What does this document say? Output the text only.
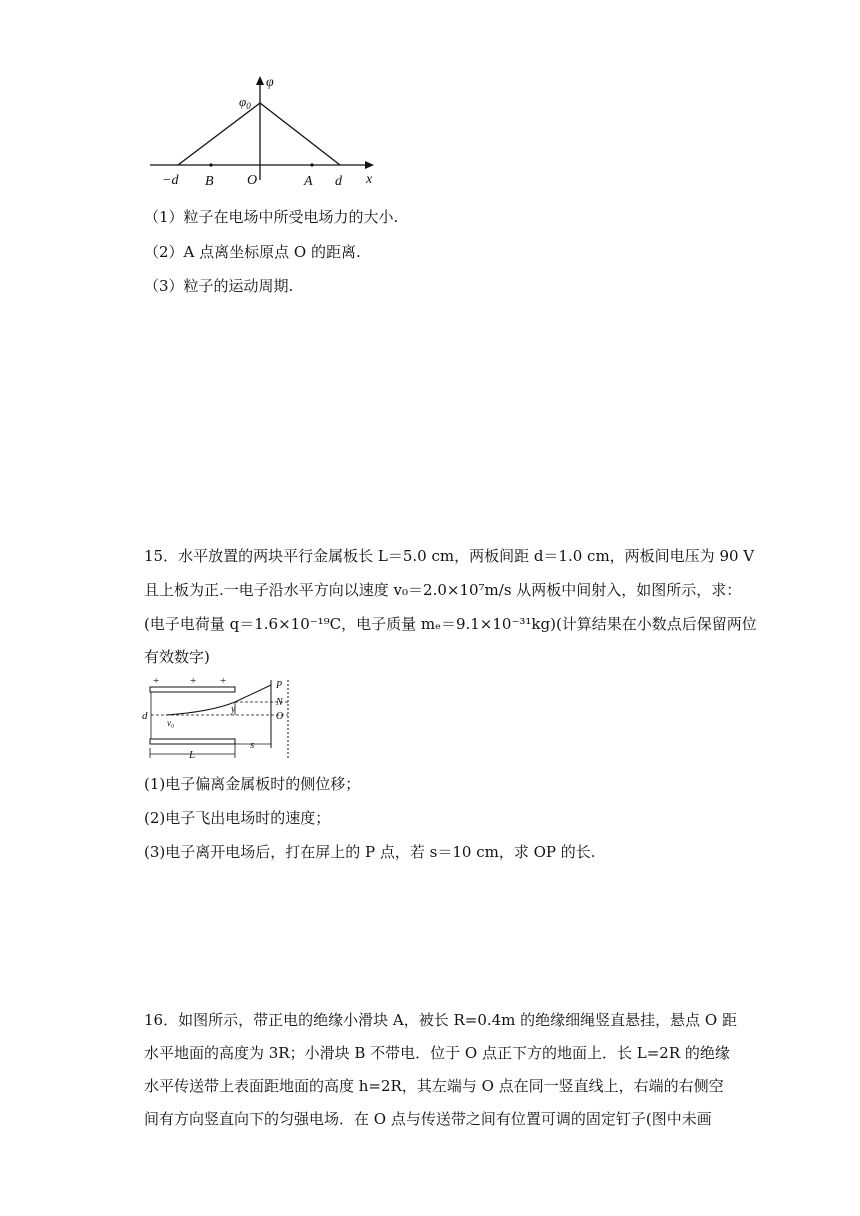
φ
$\varphi_0$
−d B O	A d x
（1）粒子在电场中所受电场力的大小.
（2）A 点离坐标原点 O 的距离.
（3）粒子的运动周期.
15．水平放置的两块平行金属板长 L＝5.0 cm，两板间距 d＝1.0 cm，两板间电压为 90 V
且上板为正.一电子沿水平方向以速度 v₀＝2.0×10⁷m/s 从两板中间射入，如图所示，求：
(电子电荷量 q＝1.6×10⁻¹⁹C，电子质量 mₑ＝9.1×10⁻³¹kg)(计算结果在小数点后保留两位
有效数字)
+	+ +
d
y
v₀
P
N
O
L
s
(1)电子偏离金属板时的侧位移；
(2)电子飞出电场时的速度；
(3)电子离开电场后，打在屏上的 P 点，若 s＝10 cm，求 OP 的长.
16．如图所示，带正电的绝缘小滑块 A，被长 R=0.4m 的绝缘细绳竖直悬挂，悬点 O 距
水平地面的高度为 3R；小滑块 B 不带电．位于 O 点正下方的地面上．长 L=2R 的绝缘
水平传送带上表面距地面的高度 h=2R，其左端与 O 点在同一竖直线上，右端的右侧空
间有方向竖直向下的匀强电场．在 O 点与传送带之间有位置可调的固定钉子(图中未画
